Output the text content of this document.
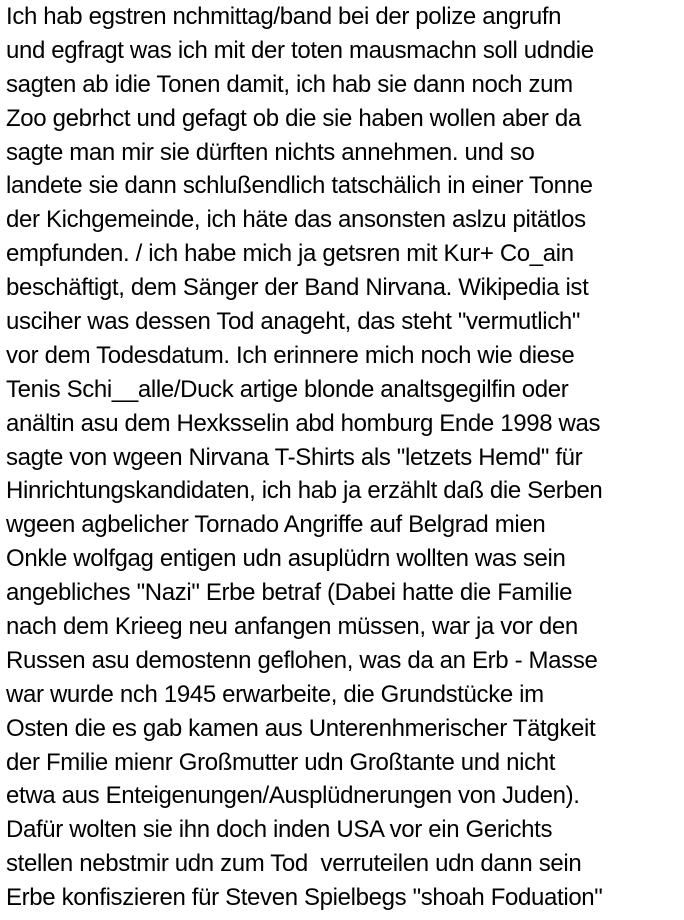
Ich hab egstren nchmittag/band bei der polize angrufn
und egfragt was ich mit der toten mausmachn soll udndie
sagten ab idie Tonen damit, ich hab sie dann noch zum
Zoo gebrhct und gefagt ob die sie haben wollen aber da
sagte man mir sie dürften nichts annehmen. und so
landete sie dann schlußendlich tatschälich in einer Tonne
der Kichgemeinde, ich häte das ansonsten aslzu pitätlos
empfunden. / ich habe mich ja getsren mit Kur+ Co_ain
beschäftigt, dem Sänger der Band Nirvana. Wikipedia ist
usciher was dessen Tod anageht, das steht "vermutlich"
vor dem Todesdatum. Ich erinnere mich noch wie diese
Tenis Schi__alle/Duck artige blonde analtsgegilfin oder
anältin asu dem Hexksselin abd homburg Ende 1998 was
sagte von wgeen Nirvana T-Shirts als "letzets Hemd" für
Hinrichtungskandidaten, ich hab ja erzählt daß die Serben
wgeen agbelicher Tornado Angriffe auf Belgrad mien
Onkle wolfgag entigen udn asuplüdrn wollten was sein
angebliches "Nazi" Erbe betraf (Dabei hatte die Familie
nach dem Krieeg neu anfangen müssen, war ja vor den
Russen asu demostenn geflohen, was da an Erb - Masse
war wurde nch 1945 erwarbeite, die Grundstücke im
Osten die es gab kamen aus Unterenhmerischer Tätgkeit
der Fmilie mienr Großmutter udn Großtante und nicht
etwa aus Enteigenungen/Ausplüdnerungen von Juden).
Dafür wolten sie ihn doch inden USA vor ein Gerichts
stellen nebstmir udn zum Tod  verruteilen udn dann sein
Erbe konfiszieren für Steven Spielbegs "shoah Foduation"
